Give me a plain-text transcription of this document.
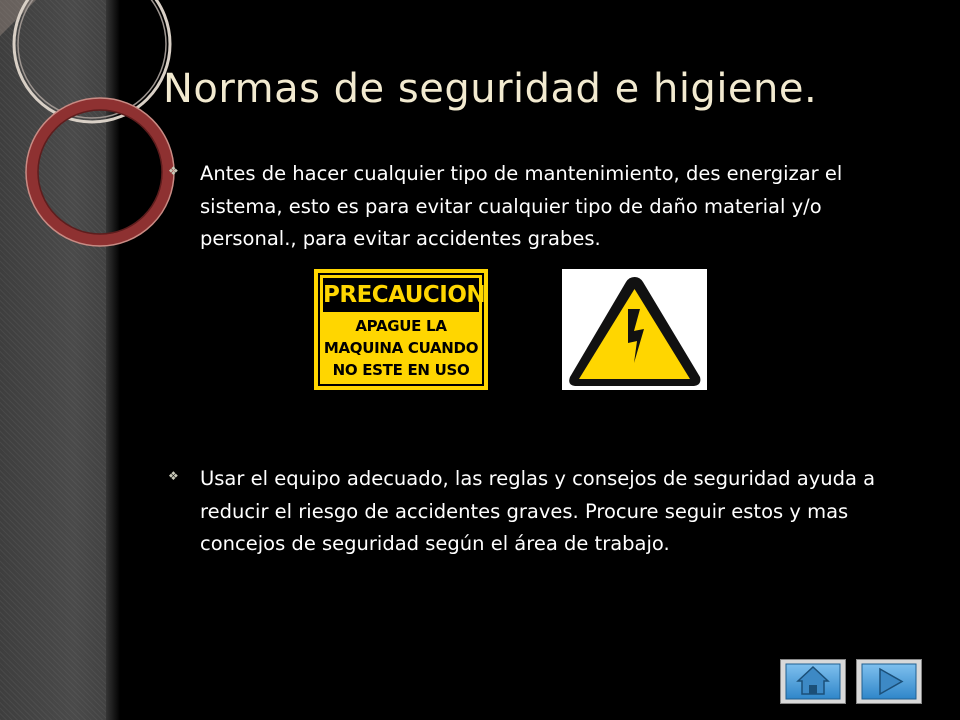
Normas de seguridad e higiene.
❖	Antes de hacer cualquier tipo de mantenimiento, des energizar el
sistema, esto es para evitar cualquier tipo de daño material y/o
personal., para evitar accidentes grabes.

PRECAUCION
APAGUE LA
MAQUINA CUANDO
NO ESTE EN USO
❖	Usar el equipo adecuado, las reglas y consejos de seguridad ayuda a
reducir el riesgo de accidentes graves. Procure seguir estos y mas
concejos de seguridad según el área de trabajo.
